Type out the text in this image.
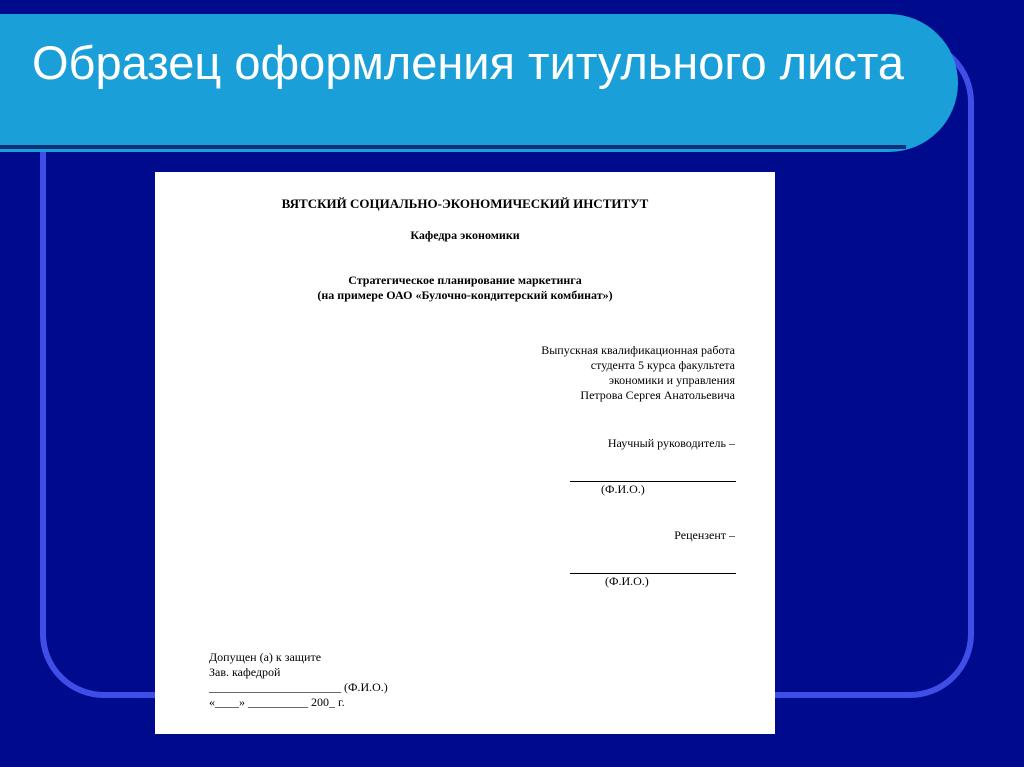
Образец оформления титульного листа
ВЯТСКИЙ СОЦИАЛЬНО-ЭКОНОМИЧЕСКИЙ ИНСТИТУТ
Кафедра экономики
Стратегическое планирование маркетинга
(на примере ОАО «Булочно-кондитерский комбинат»)
Выпускная квалификационная работа
студента 5 курса факультета
экономики и управления
Петрова Сергея Анатольевича
Научный руководитель –
(Ф.И.О.)
Рецензент –
(Ф.И.О.)
Допущен (а) к защите
Зав. кафедрой
______________________ (Ф.И.О.)
«____» __________ 200_ г.
